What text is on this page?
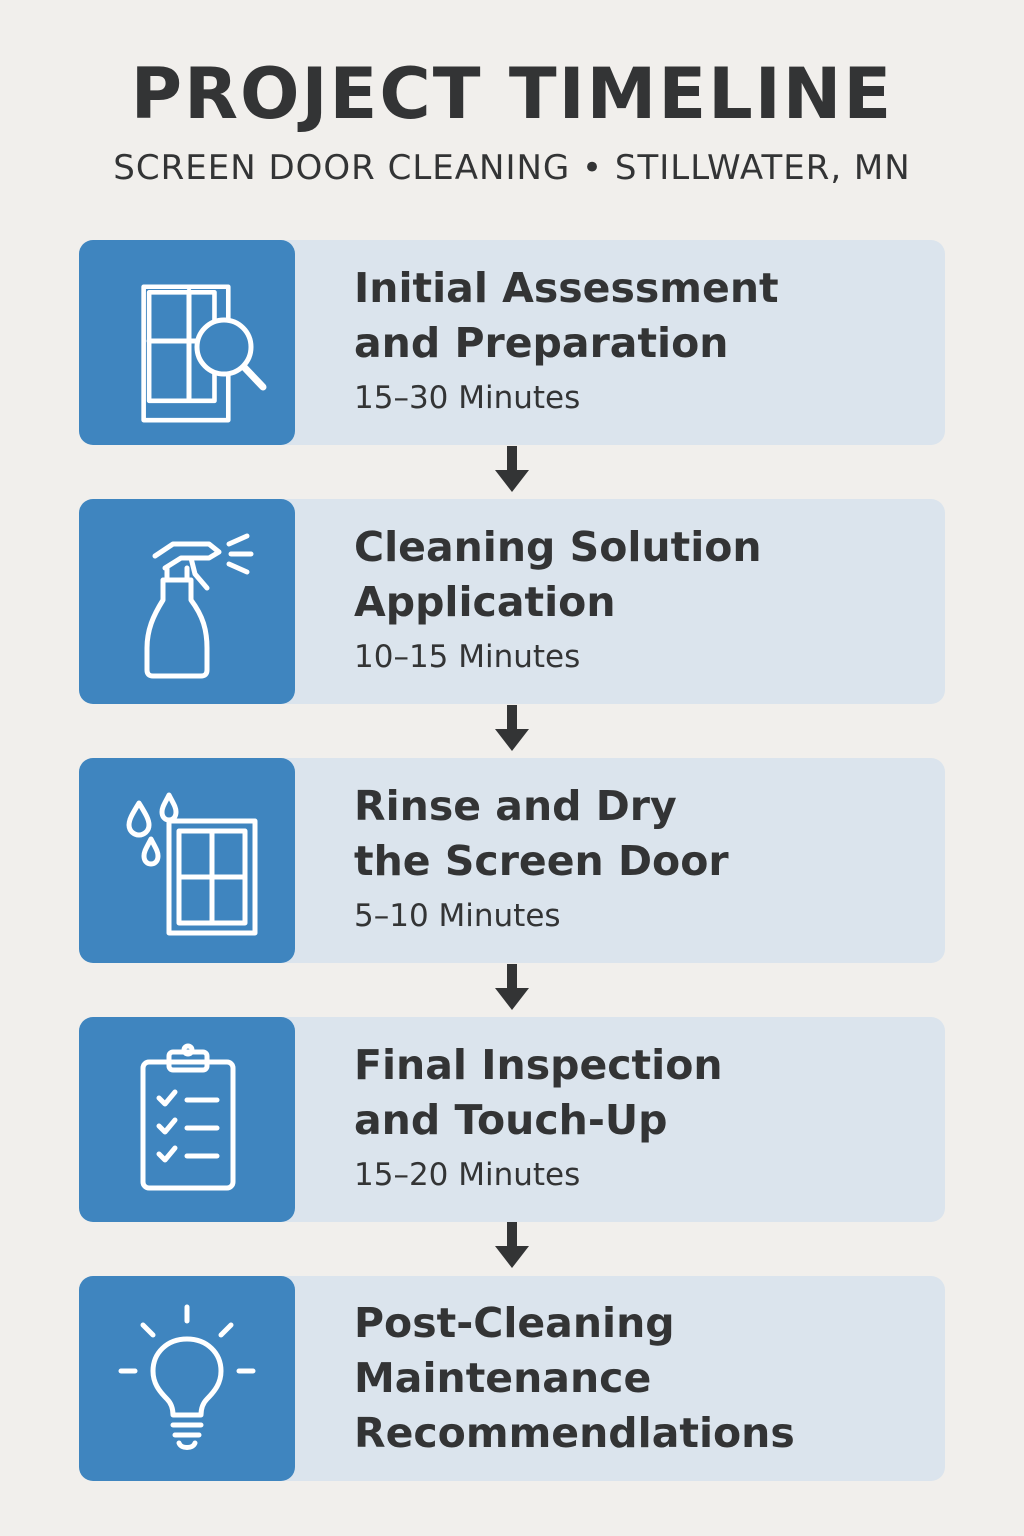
PROJECT TIMELINE
SCREEN DOOR CLEANING • STILLWATER, MN
Initial Assessment
and Preparation
15–30 Minutes
Cleaning Solution
Application
10–15 Minutes
Rinse and Dry
the Screen Door
5–10 Minutes
Final Inspection
and Touch-Up
15–20 Minutes
Post-Cleaning
Maintenance
Recommendlations
